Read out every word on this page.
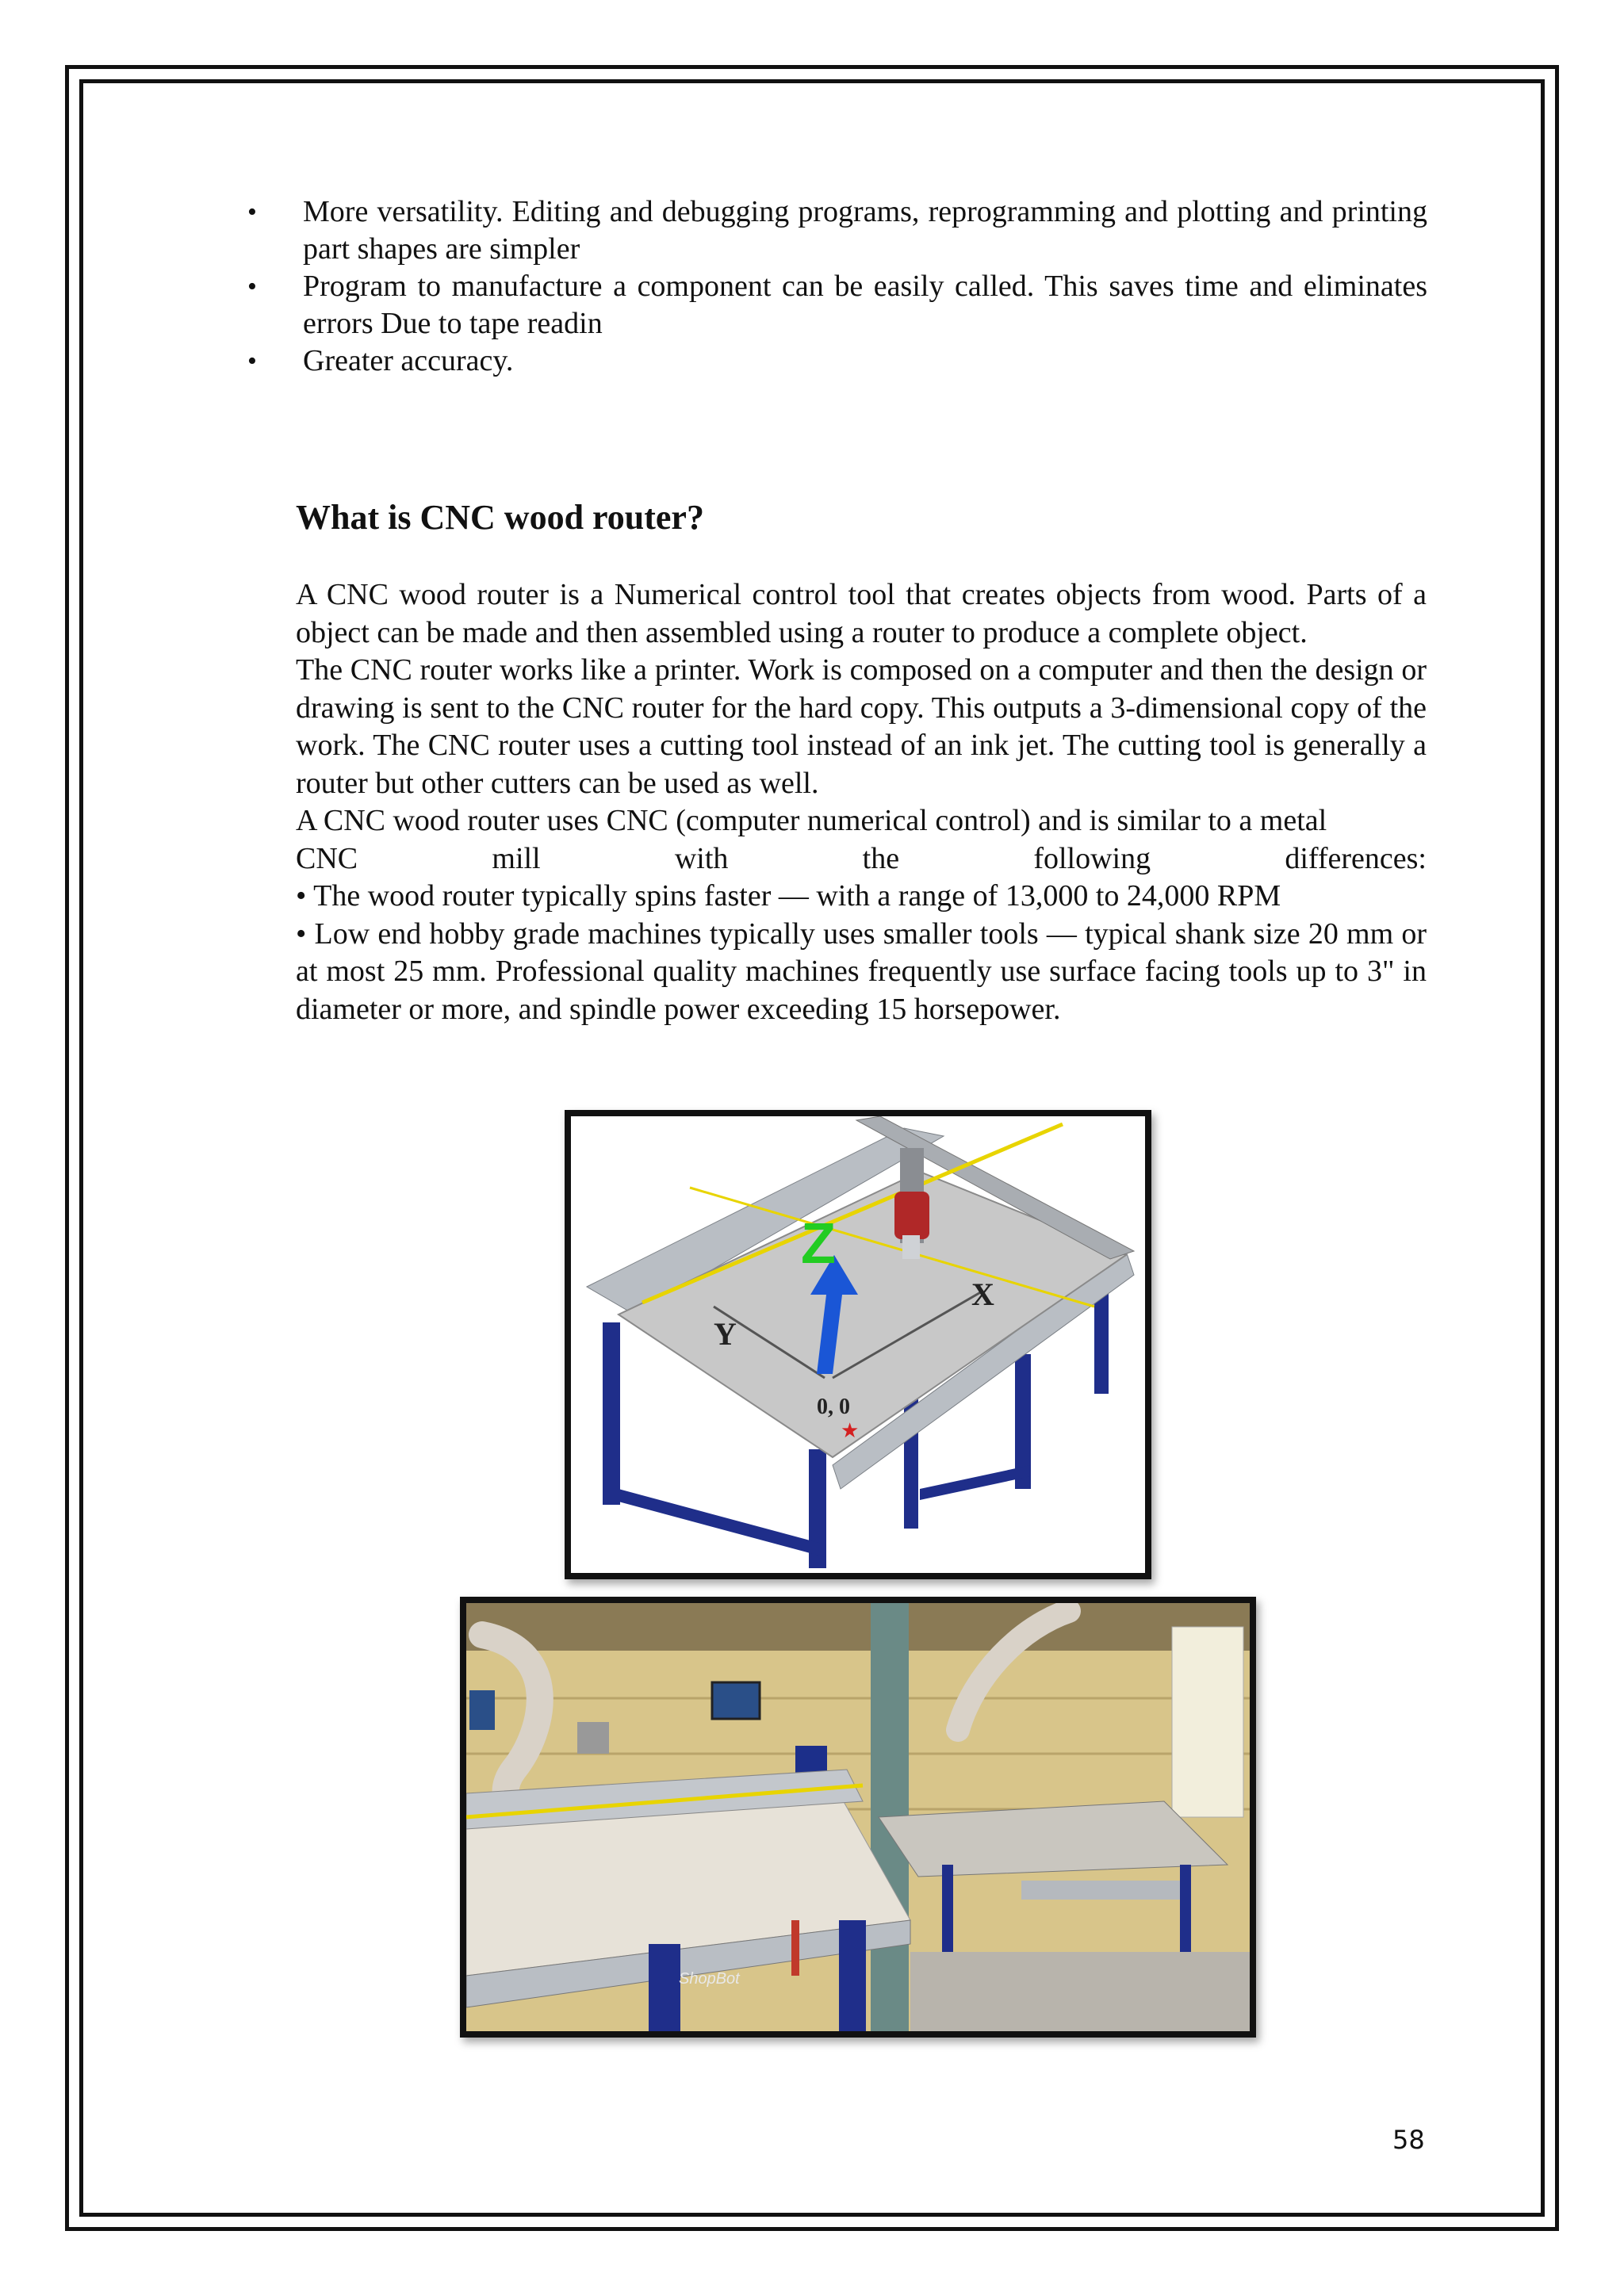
• More versatility. Editing and debugging programs, reprogramming and plotting and printing part shapes are simpler
• Program to manufacture a component can be easily called. This saves time and eliminates errors Due to tape readin
• Greater accuracy.
What is CNC wood router?

A CNC wood router is a Numerical control tool that creates objects from wood. Parts of a object can be made and then assembled using a router to produce a complete object.

The CNC router works like a printer. Work is composed on a computer and then the design or drawing is sent to the CNC router for the hard copy. This outputs a 3-dimensional copy of the work. The CNC router uses a cutting tool instead of an ink jet. The cutting tool is generally a router but other cutters can be used as well.

A CNC wood router uses CNC (computer numerical control) and is similar to a metal

CNC mill with the following differences:

• The wood router typically spins faster — with a range of 13,000 to 24,000 RPM

• Low end hobby grade machines typically uses smaller tools — typical shank size 20 mm or at most 25 mm. Professional quality machines frequently use surface facing tools up to 3" in diameter or more, and spindle power exceeding 15 horsepower.

Z
X
Y
0, 0
★
ShopBot
58
